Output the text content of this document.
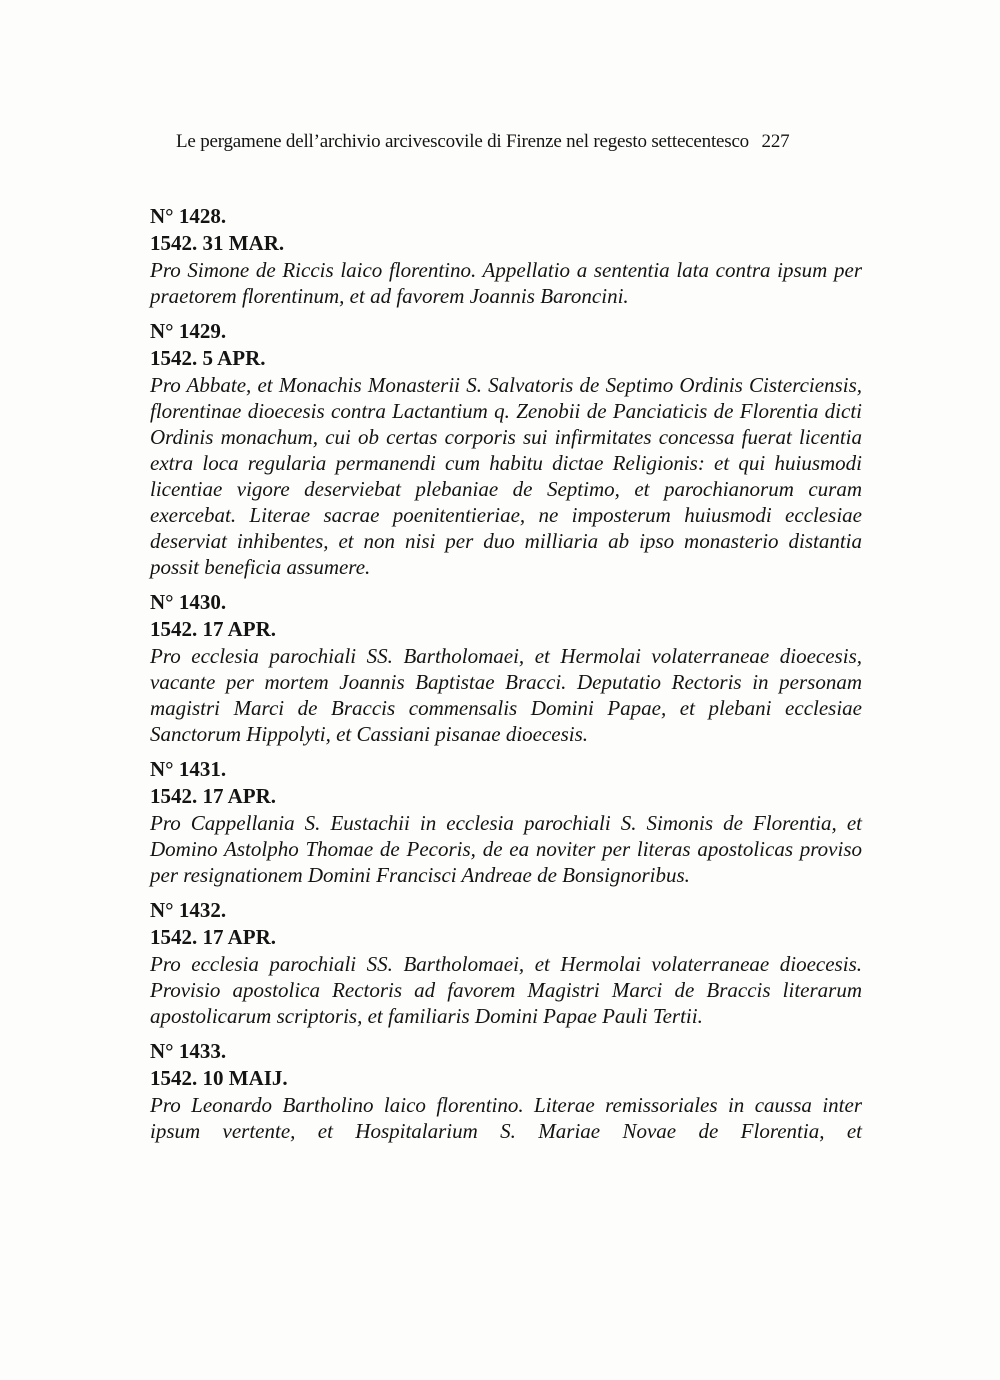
Le pergamene dell’archivio arcivescovile di Firenze nel regesto settecentesco 227
N° 1428.
1542. 31 MAR.
Pro Simone de Riccis laico florentino. Appellatio a sententia lata contra ipsum per praetorem florentinum, et ad favorem Joannis Baroncini.
N° 1429.
1542. 5 APR.
Pro Abbate, et Monachis Monasterii S. Salvatoris de Septimo Ordinis Cisterciensis, florentinae dioecesis contra Lactantium q. Zenobii de Panciaticis de Florentia dicti Ordinis monachum, cui ob certas corporis sui infirmitates concessa fuerat licentia extra loca regularia permanendi cum habitu dictae Religionis: et qui huiusmodi licentiae vigore deserviebat plebaniae de Septimo, et parochianorum curam exercebat. Literae sacrae poenitentieriae, ne imposterum huiusmodi ecclesiae deserviat inhibentes, et non nisi per duo milliaria ab ipso monasterio distantia possit beneficia assumere.
N° 1430.
1542. 17 APR.
Pro ecclesia parochiali SS. Bartholomaei, et Hermolai volaterraneae dioecesis, vacante per mortem Joannis Baptistae Bracci. Deputatio Rectoris in personam magistri Marci de Braccis commensalis Domini Papae, et plebani ecclesiae Sanctorum Hippolyti, et Cassiani pisanae dioecesis.
N° 1431.
1542. 17 APR.
Pro Cappellania S. Eustachii in ecclesia parochiali S. Simonis de Florentia, et Domino Astolpho Thomae de Pecoris, de ea noviter per literas apostolicas proviso per resignationem Domini Francisci Andreae de Bonsignoribus.
N° 1432.
1542. 17 APR.
Pro ecclesia parochiali SS. Bartholomaei, et Hermolai volaterraneae dioecesis. Provisio apostolica Rectoris ad favorem Magistri Marci de Braccis literarum apostolicarum scriptoris, et familiaris Domini Papae Pauli Tertii.
N° 1433.
1542. 10 MAIJ.
Pro Leonardo Bartholino laico florentino. Literae remissoriales in caussa inter ipsum vertente, et Hospitalarium S. Mariae Novae de Florentia, et
